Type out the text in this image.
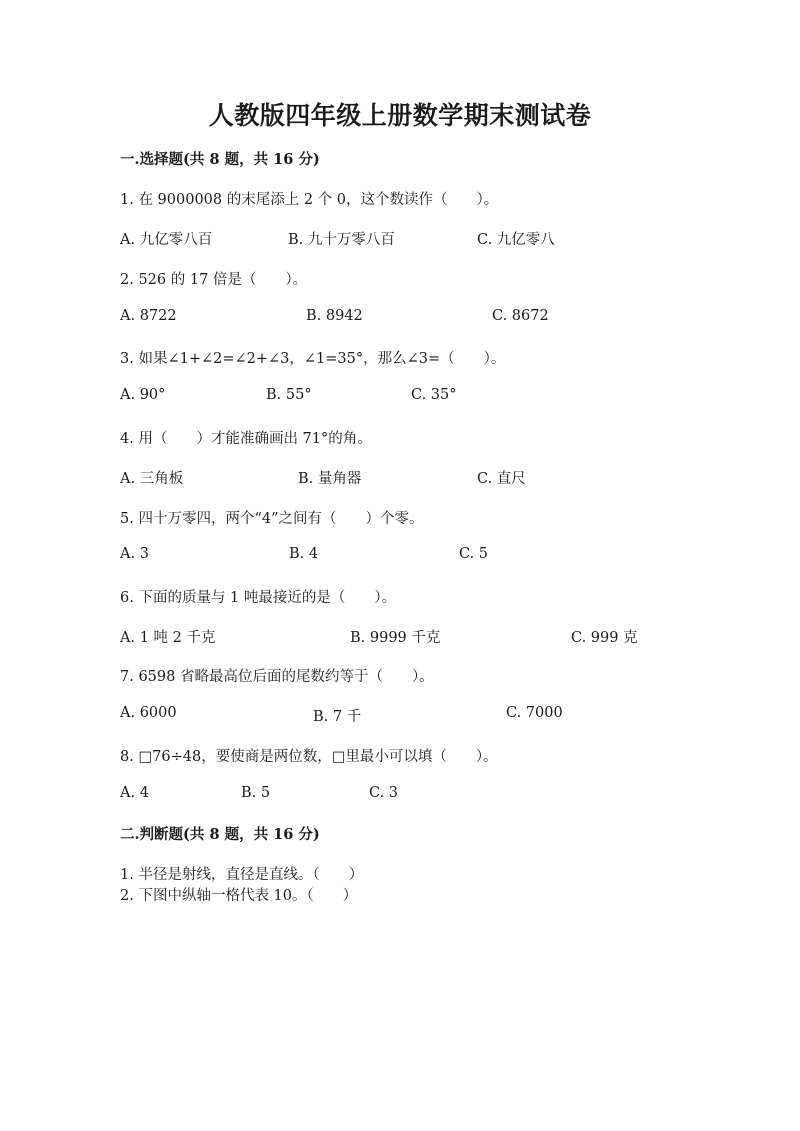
人教版四年级上册数学期末测试卷
一.选择题(共 8 题，共 16 分)
1. 在 9000008 的末尾添上 2 个 0，这个数读作（　　）。
A. 九亿零八百	B. 九十万零八百	C. 九亿零八
2. 526 的 17 倍是（　　）。
A. 8722	B. 8942	C. 8672
3. 如果∠1+∠2=∠2+∠3，∠1=35°，那么∠3=（　　）。
A. 90°	B. 55°	C. 35°
4. 用（　　）才能准确画出 71°的角。
A. 三角板	B. 量角器	C. 直尺
5. 四十万零四，两个“4”之间有（　　）个零。
A. 3	B. 4	C. 5
6. 下面的质量与 1 吨最接近的是（　　）。
A. 1 吨 2 千克	B. 9999 千克	C. 999 克
7. 6598 省略最高位后面的尾数约等于（　　）。
A. 6000	B. 7 千	C. 7000
8. □76÷48，要使商是两位数，□里最小可以填（　　）。
A. 4	B. 5	C. 3
二.判断题(共 8 题，共 16 分)
1. 半径是射线，直径是直线。（　　）
2. 下图中纵轴一格代表 10。（　　）
